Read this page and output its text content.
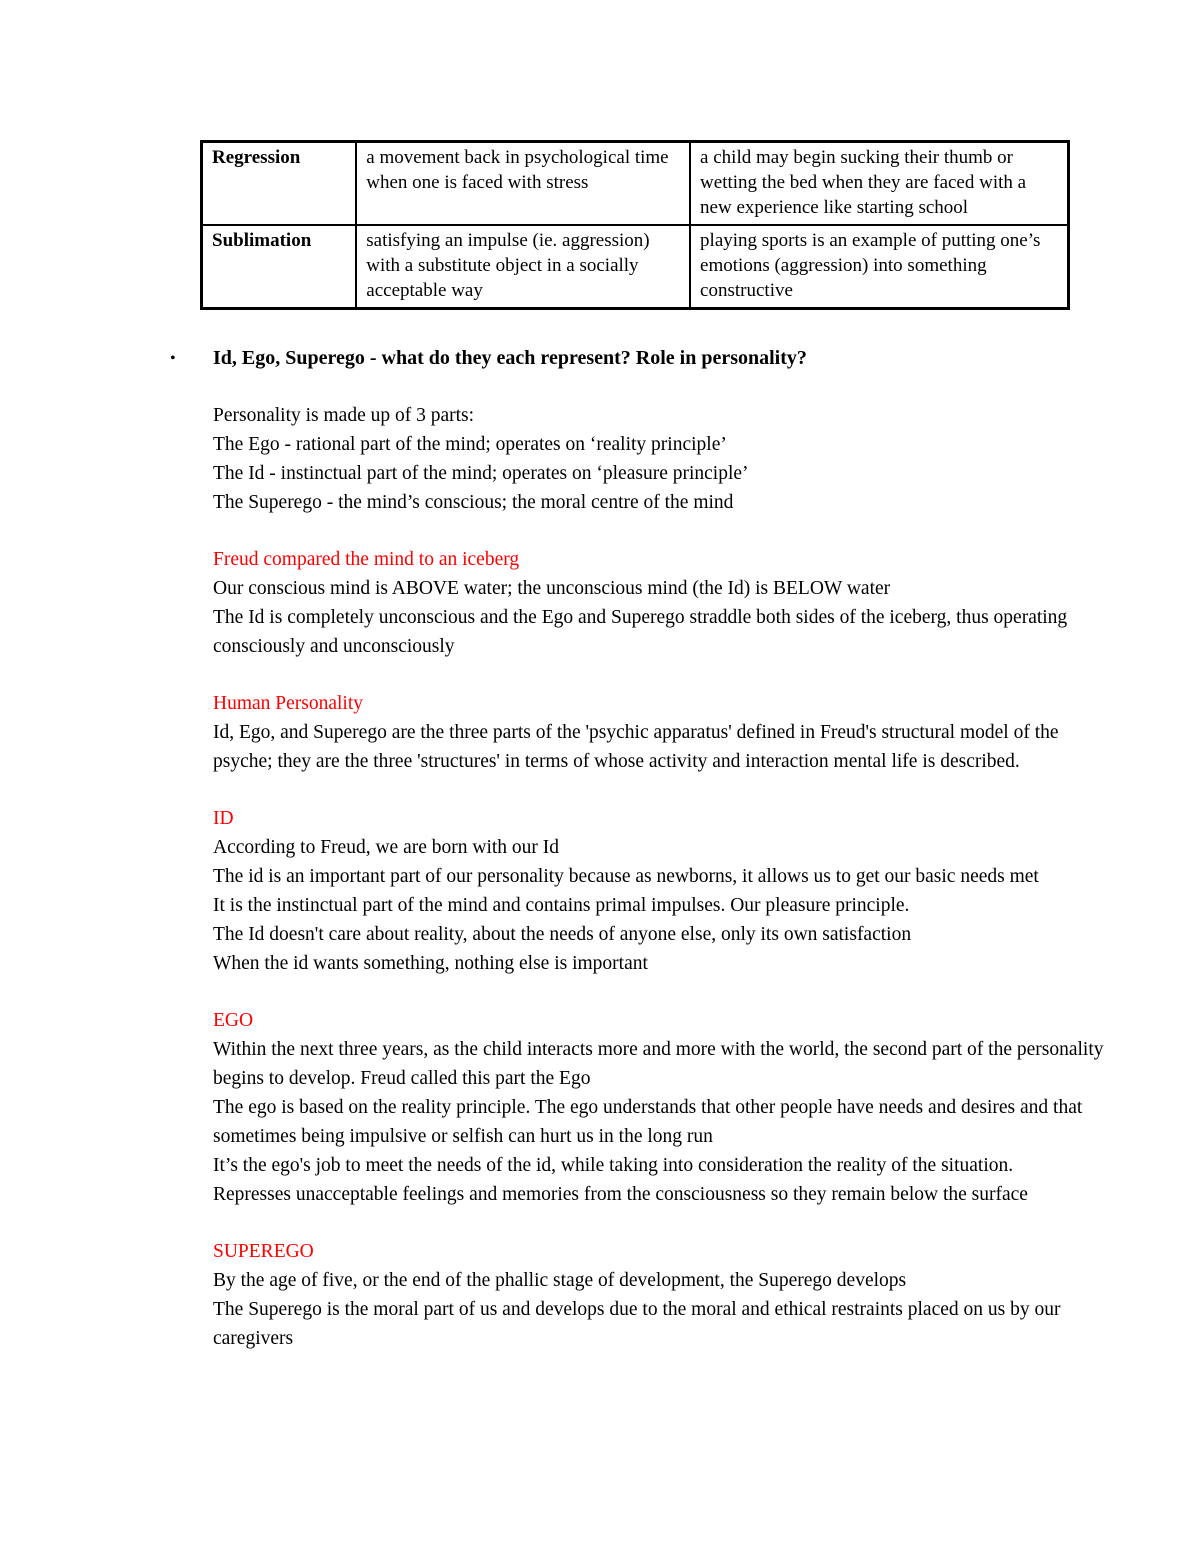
Regression	a movement back in psychological time when one is faced with stress	a child may begin sucking their thumb or wetting the bed when they are faced with a new experience like starting school
Sublimation	satisfying an impulse (ie. aggression) with a substitute object in a socially acceptable way	playing sports is an example of putting one’s emotions (aggression) into something constructive
• Id, Ego, Superego - what do they each represent? Role in personality?
Personality is made up of 3 parts:
The Ego - rational part of the mind; operates on ‘reality principle’
The Id - instinctual part of the mind; operates on ‘pleasure principle’
The Superego - the mind’s conscious; the moral centre of the mind
Freud compared the mind to an iceberg
Our conscious mind is ABOVE water; the unconscious mind (the Id) is BELOW water
The Id is completely unconscious and the Ego and Superego straddle both sides of the iceberg, thus operating consciously and unconsciously
Human Personality
Id, Ego, and Superego are the three parts of the 'psychic apparatus' defined in Freud's structural model of the psyche; they are the three 'structures' in terms of whose activity and interaction mental life is described.
ID
According to Freud, we are born with our Id
The id is an important part of our personality because as newborns, it allows us to get our basic needs met
It is the instinctual part of the mind and contains primal impulses. Our pleasure principle.
The Id doesn't care about reality, about the needs of anyone else, only its own satisfaction
When the id wants something, nothing else is important
EGO
Within the next three years, as the child interacts more and more with the world, the second part of the personality begins to develop. Freud called this part the Ego
The ego is based on the reality principle. The ego understands that other people have needs and desires and that sometimes being impulsive or selfish can hurt us in the long run
It’s the ego's job to meet the needs of the id, while taking into consideration the reality of the situation.
Represses unacceptable feelings and memories from the consciousness so they remain below the surface
SUPEREGO
By the age of five, or the end of the phallic stage of development, the Superego develops
The Superego is the moral part of us and develops due to the moral and ethical restraints placed on us by our caregivers
